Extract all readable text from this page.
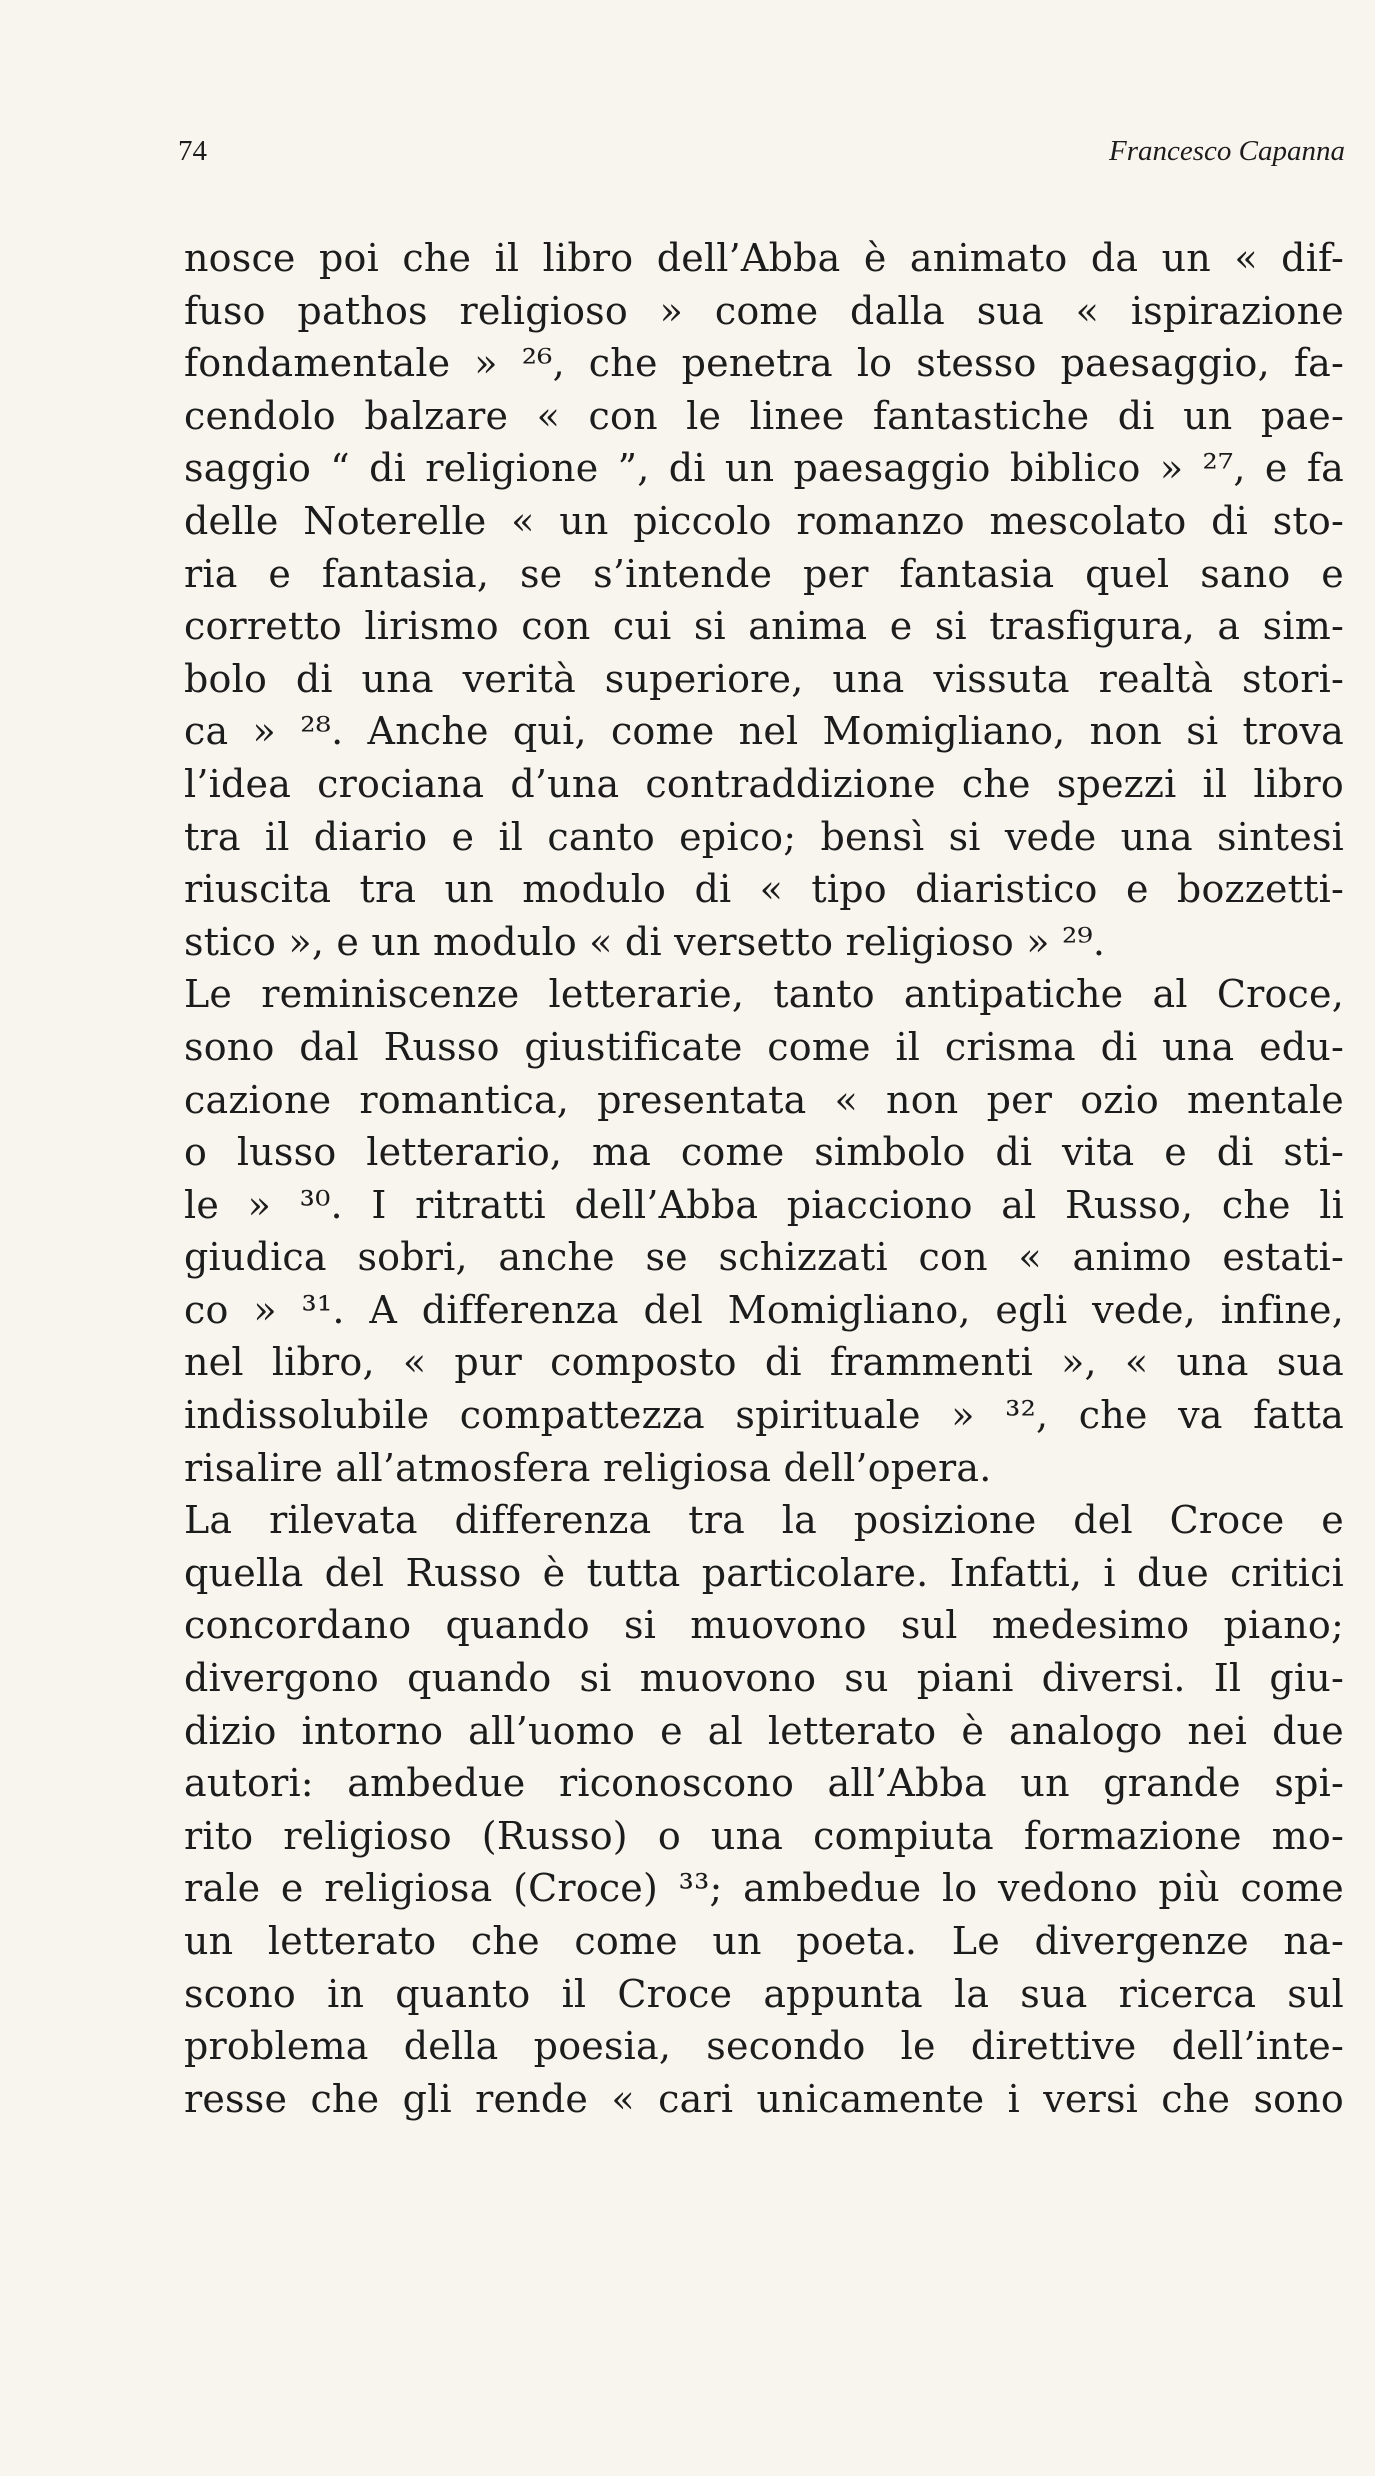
74	Francesco Capanna
nosce poi che il libro dell’Abba è animato da un « dif-
fuso pathos religioso » come dalla sua « ispirazione
fondamentale » ²⁶, che penetra lo stesso paesaggio, fa-
cendolo balzare « con le linee fantastiche di un pae-
saggio “ di religione ”, di un paesaggio biblico » ²⁷, e fa
delle Noterelle « un piccolo romanzo mescolato di sto-
ria e fantasia, se s’intende per fantasia quel sano e
corretto lirismo con cui si anima e si trasfigura, a sim-
bolo di una verità superiore, una vissuta realtà stori-
ca » ²⁸. Anche qui, come nel Momigliano, non si trova
l’idea crociana d’una contraddizione che spezzi il libro
tra il diario e il canto epico; bensì si vede una sintesi
riuscita tra un modulo di « tipo diaristico e bozzetti-
stico », e un modulo « di versetto religioso » ²⁹.
Le reminiscenze letterarie, tanto antipatiche al Croce,
sono dal Russo giustificate come il crisma di una edu-
cazione romantica, presentata « non per ozio mentale
o lusso letterario, ma come simbolo di vita e di sti-
le » ³⁰. I ritratti dell’Abba piacciono al Russo, che li
giudica sobri, anche se schizzati con « animo estati-
co » ³¹. A differenza del Momigliano, egli vede, infine,
nel libro, « pur composto di frammenti », « una sua
indissolubile compattezza spirituale » ³², che va fatta
risalire all’atmosfera religiosa dell’opera.
La rilevata differenza tra la posizione del Croce e
quella del Russo è tutta particolare. Infatti, i due critici
concordano quando si muovono sul medesimo piano;
divergono quando si muovono su piani diversi. Il giu-
dizio intorno all’uomo e al letterato è analogo nei due
autori: ambedue riconoscono all’Abba un grande spi-
rito religioso (Russo) o una compiuta formazione mo-
rale e religiosa (Croce) ³³; ambedue lo vedono più come
un letterato che come un poeta. Le divergenze na-
scono in quanto il Croce appunta la sua ricerca sul
problema della poesia, secondo le direttive dell’inte-
resse che gli rende « cari unicamente i versi che sono
